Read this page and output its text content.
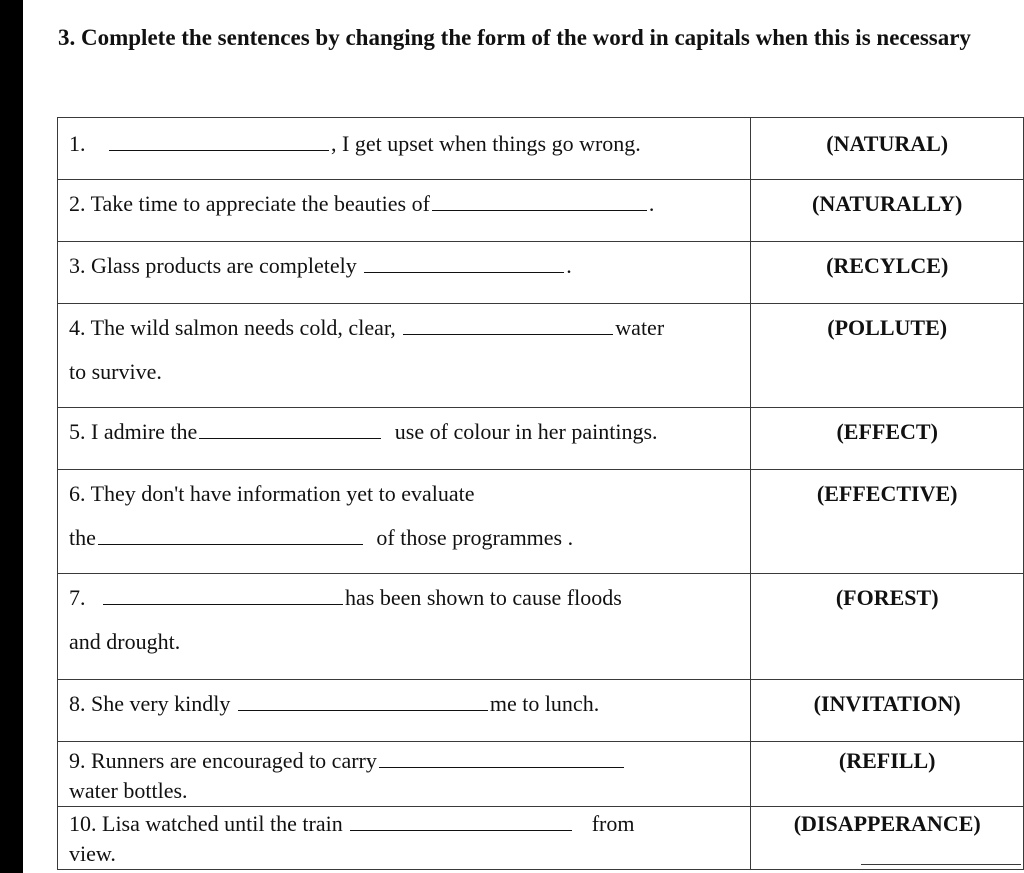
3. Complete the sentences by changing the form of the word in capitals when this is necessary
1. , I get upset when things go wrong.	(NATURAL)

2. Take time to appreciate the beauties of .	(NATURALLY)

3. Glass products are completely .	(RECYLCE)

4. The wild salmon needs cold, clear, water
to survive.	(POLLUTE)

5. I admire the use of colour in her paintings.	(EFFECT)

6. They don't have information yet to evaluate
the of those programmes .	(EFFECTIVE)

7. has been shown to cause floods
and drought.	(FOREST)

8. She very kindly me to lunch.	(INVITATION)

9. Runners are encouraged to carry
water bottles.	(REFILL)

10. Lisa watched until the train from
view.	(DISAPPERANCE)
